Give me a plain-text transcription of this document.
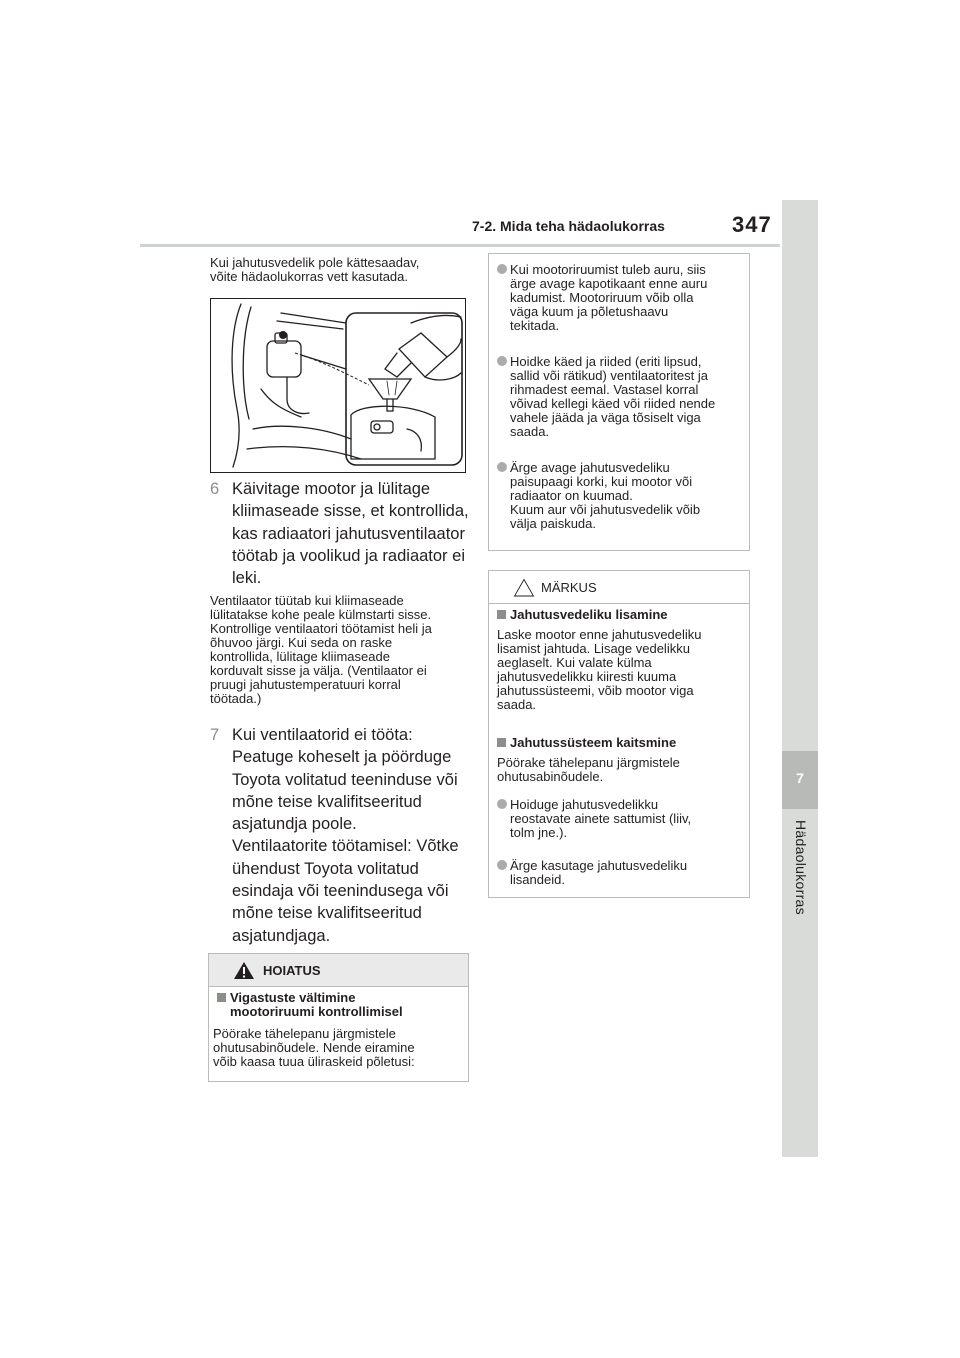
7-2. Mida teha hädaolukorras	347
7
Hädaolukorras
Kui jahutusvedelik pole kättesaadav,
võite hädaolukorras vett kasutada.
6 Käivitage mootor ja lülitage
kliimaseade sisse, et kontrollida,
kas radiaatori jahutusventilaator
töötab ja voolikud ja radiaator ei
leki.
Ventilaator tüütab kui kliimaseade
lülitatakse kohe peale külmstarti sisse.
Kontrollige ventilaatori töötamist heli ja
õhuvoo järgi. Kui seda on raske
kontrollida, lülitage kliimaseade
korduvalt sisse ja välja. (Ventilaator ei
pruugi jahutustemperatuuri korral
töötada.)
7 Kui ventilaatorid ei tööta:
Peatuge koheselt ja pöörduge
Toyota volitatud teeninduse või
mõne teise kvalifitseeritud
asjatundja poole.
Ventilaatorite töötamisel: Võtke
ühendust Toyota volitatud
esindaja või teenindusega või
mõne teise kvalifitseeritud
asjatundjaga.
HOIATUS
Vigastuste vältimine
mootoriruumi kontrollimisel
Pöörake tähelepanu järgmistele
ohutusabinõudele. Nende eiramine
võib kaasa tuua üliraskeid põletusi:
Kui mootoriruumist tuleb auru, siis
ärge avage kapotikaant enne auru
kadumist. Mootoriruum võib olla
väga kuum ja põletushaavu
tekitada.
Hoidke käed ja riided (eriti lipsud,
sallid või rätikud) ventilaatoritest ja
rihmadest eemal. Vastasel korral
võivad kellegi käed või riided nende
vahele jääda ja väga tõsiselt viga
saada.
Ärge avage jahutusvedeliku
paisupaagi korki, kui mootor või
radiaator on kuumad.
Kuum aur või jahutusvedelik võib
välja paiskuda.
MÄRKUS
Jahutusvedeliku lisamine
Laske mootor enne jahutusvedeliku
lisamist jahtuda. Lisage vedelikku
aeglaselt. Kui valate külma
jahutusvedelikku kiiresti kuuma
jahutussüsteemi, võib mootor viga
saada.
Jahutussüsteem kaitsmine
Pöörake tähelepanu järgmistele
ohutusabinõudele.
Hoiduge jahutusvedelikku
reostavate ainete sattumist (liiv,
tolm jne.).
Ärge kasutage jahutusvedeliku
lisandeid.
